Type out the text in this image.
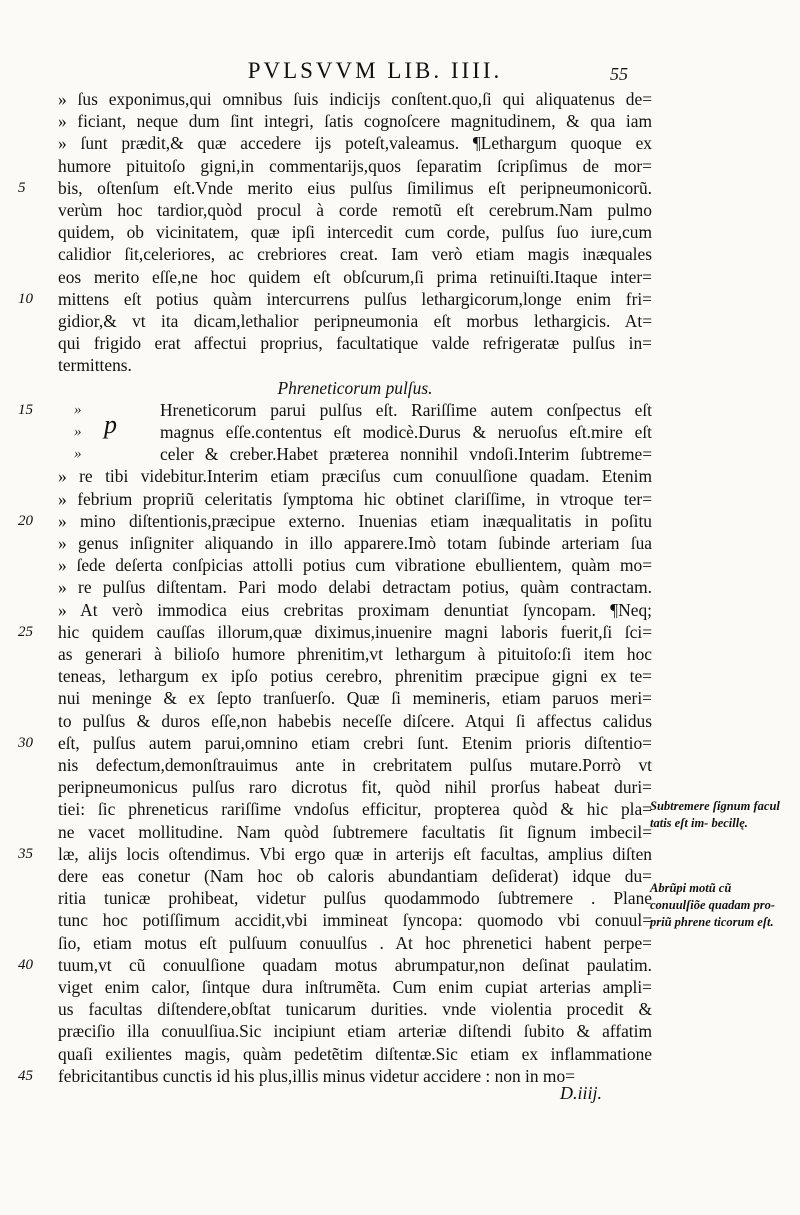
PVLSVVM LIB. IIII.	55
» ſus exponimus,qui omnibus ſuis indicijs conſtent.quo,ſi qui aliquatenus de=
» ficiant, neque dum ſint integri, ſatis cognoſcere magnitudinem, & qua iam
» ſunt prædit,& quæ accedere ijs poteſt,valeamus. ¶Lethargum quoque ex
humore pituitoſo gigni,in commentarijs,quos ſeparatim ſcripſimus de mor=
bis, oſtenſum eſt.Vnde merito eius pulſus ſimilimus eſt peripneumonicorũ.
verùm hoc tardior,quòd procul à corde remotũ eſt cerebrum.Nam pulmo
quidem, ob vicinitatem, quæ ipſi intercedit cum corde, pulſus ſuo iure,cum
calidior ſit,celeriores, ac crebriores creat. Iam verò etiam magis inæquales
eos merito eſſe,ne hoc quidem eſt obſcurum,ſi prima retinuiſti.Itaque inter=
mittens eſt potius quàm intercurrens pulſus lethargicorum,longe enim fri=
gidior,& vt ita dicam,lethalior peripneumonia eſt morbus lethargicis. At=
qui frigido erat affectui proprius, facultatique valde refrigeratæ pulſus in=
termittens.
Phreneticorum pulſus.
Hreneticorum parui pulſus eſt. Rariſſime autem conſpectus eſt
magnus eſſe.contentus eſt modicè.Durus & neruoſus eſt.mire eſt
celer & creber.Habet præterea nonnihil vndoſi.Interim ſubtreme=
» re tibi videbitur.Interim etiam præciſus cum conuulſione quadam. Etenim
» febrium propriũ celeritatis ſymptoma hic obtinet clariſſime, in vtroque ter=
» mino diſtentionis,præcipue externo. Inuenias etiam inæqualitatis in poſitu
» genus inſigniter aliquando in illo apparere.Imò totam ſubinde arteriam ſua
» ſede deſerta conſpicias attolli potius cum vibratione ebullientem, quàm mo=
» re pulſus diſtentam. Pari modo delabi detractam potius, quàm contractam.
» At verò immodica eius crebritas proximam denuntiat ſyncopam. ¶Neq;
hic quidem cauſſas illorum,quæ diximus,inuenire magni laboris fuerit,ſi ſci=
as generari à bilioſo humore phrenitim,vt lethargum à pituitoſo:ſi item hoc
teneas, lethargum ex ipſo potius cerebro, phrenitim præcipue gigni ex te=
nui meninge & ex ſepto tranſuerſo. Quæ ſi memineris, etiam paruos meri=
to pulſus & duros eſſe,non habebis neceſſe diſcere. Atqui ſi affectus calidus
eſt, pulſus autem parui,omnino etiam crebri ſunt. Etenim prioris diſtentio=
nis defectum,demonſtrauimus ante in crebritatem pulſus mutare.Porrò vt
peripneumonicus pulſus raro dicrotus fit, quòd nihil prorſus habeat duri=
tiei: ſic phreneticus rariſſime vndoſus efficitur, propterea quòd & hic pla=
ne vacet mollitudine. Nam quòd ſubtremere facultatis ſit ſignum imbecil=
læ, alijs locis oſtendimus. Vbi ergo quæ in arterijs eſt facultas, amplius diſten
dere eas conetur (Nam hoc ob caloris abundantiam deſiderat) idque du=
ritia tunicæ prohibeat, videtur pulſus quodammodo ſubtremere . Plane
tunc hoc potiſſimum accidit,vbi immineat ſyncopa: quomodo vbi conuul=
ſio, etiam motus eſt pulſuum conuulſus . At hoc phrenetici habent perpe=
tuum,vt cũ conuulſione quadam motus abrumpatur,non deſinat paulatim.
viget enim calor, ſintque dura inſtrumẽta. Cum enim cupiat arterias ampli=
us facultas diſtendere,obſtat tunicarum durities. vnde violentia procedit &
præciſio illa conuulſiua.Sic incipiunt etiam arteriæ diſtendi ſubito & affatim
quaſi exilientes magis, quàm pedetẽtim diſtentæ.Sic etiam ex inflammatione
febricitantibus cunctis id his plus,illis minus videtur accidere : non in mo=
5
10
15
20
25
30
35
40
45
»
»
»
p
Subtremere ſignum facul tatis eſt im- becillę.
Abrũpi motũ cũ conuulſiõe quadam pro- priũ phrene ticorum eſt.
D.iiij.
